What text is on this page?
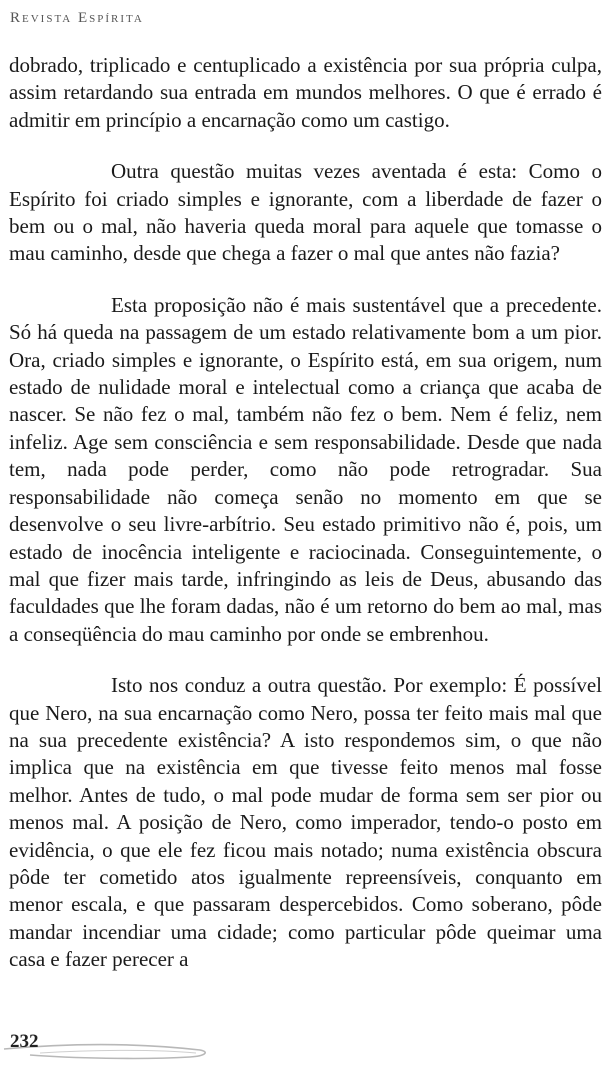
Revista Espírita

dobrado, triplicado e centuplicado a existência por sua própria culpa, assim retardando sua entrada em mundos melhores. O que é errado é admitir em princípio a encarnação como um castigo.

Outra questão muitas vezes aventada é esta: Como o Espírito foi criado simples e ignorante, com a liberdade de fazer o bem ou o mal, não haveria queda moral para aquele que tomasse o mau caminho, desde que chega a fazer o mal que antes não fazia?

Esta proposição não é mais sustentável que a precedente. Só há queda na passagem de um estado relativamente bom a um pior. Ora, criado simples e ignorante, o Espírito está, em sua origem, num estado de nulidade moral e intelectual como a criança que acaba de nascer. Se não fez o mal, também não fez o bem. Nem é feliz, nem infeliz. Age sem consciência e sem responsabilidade. Desde que nada tem, nada pode perder, como não pode retrogradar. Sua responsabilidade não começa senão no momento em que se desenvolve o seu livre-arbítrio. Seu estado primitivo não é, pois, um estado de inocência inteligente e raciocinada. Conseguintemente, o mal que fizer mais tarde, infringindo as leis de Deus, abusando das faculdades que lhe foram dadas, não é um retorno do bem ao mal, mas a conseqüência do mau caminho por onde se embrenhou.

Isto nos conduz a outra questão. Por exemplo: É possível que Nero, na sua encarnação como Nero, possa ter feito mais mal que na sua precedente existência? A isto respondemos sim, o que não implica que na existência em que tivesse feito menos mal fosse melhor. Antes de tudo, o mal pode mudar de forma sem ser pior ou menos mal. A posição de Nero, como imperador, tendo-o posto em evidência, o que ele fez ficou mais notado; numa existência obscura pôde ter cometido atos igualmente repreensíveis, conquanto em menor escala, e que passaram despercebidos. Como soberano, pôde mandar incendiar uma cidade; como particular pôde queimar uma casa e fazer perecer a

232
